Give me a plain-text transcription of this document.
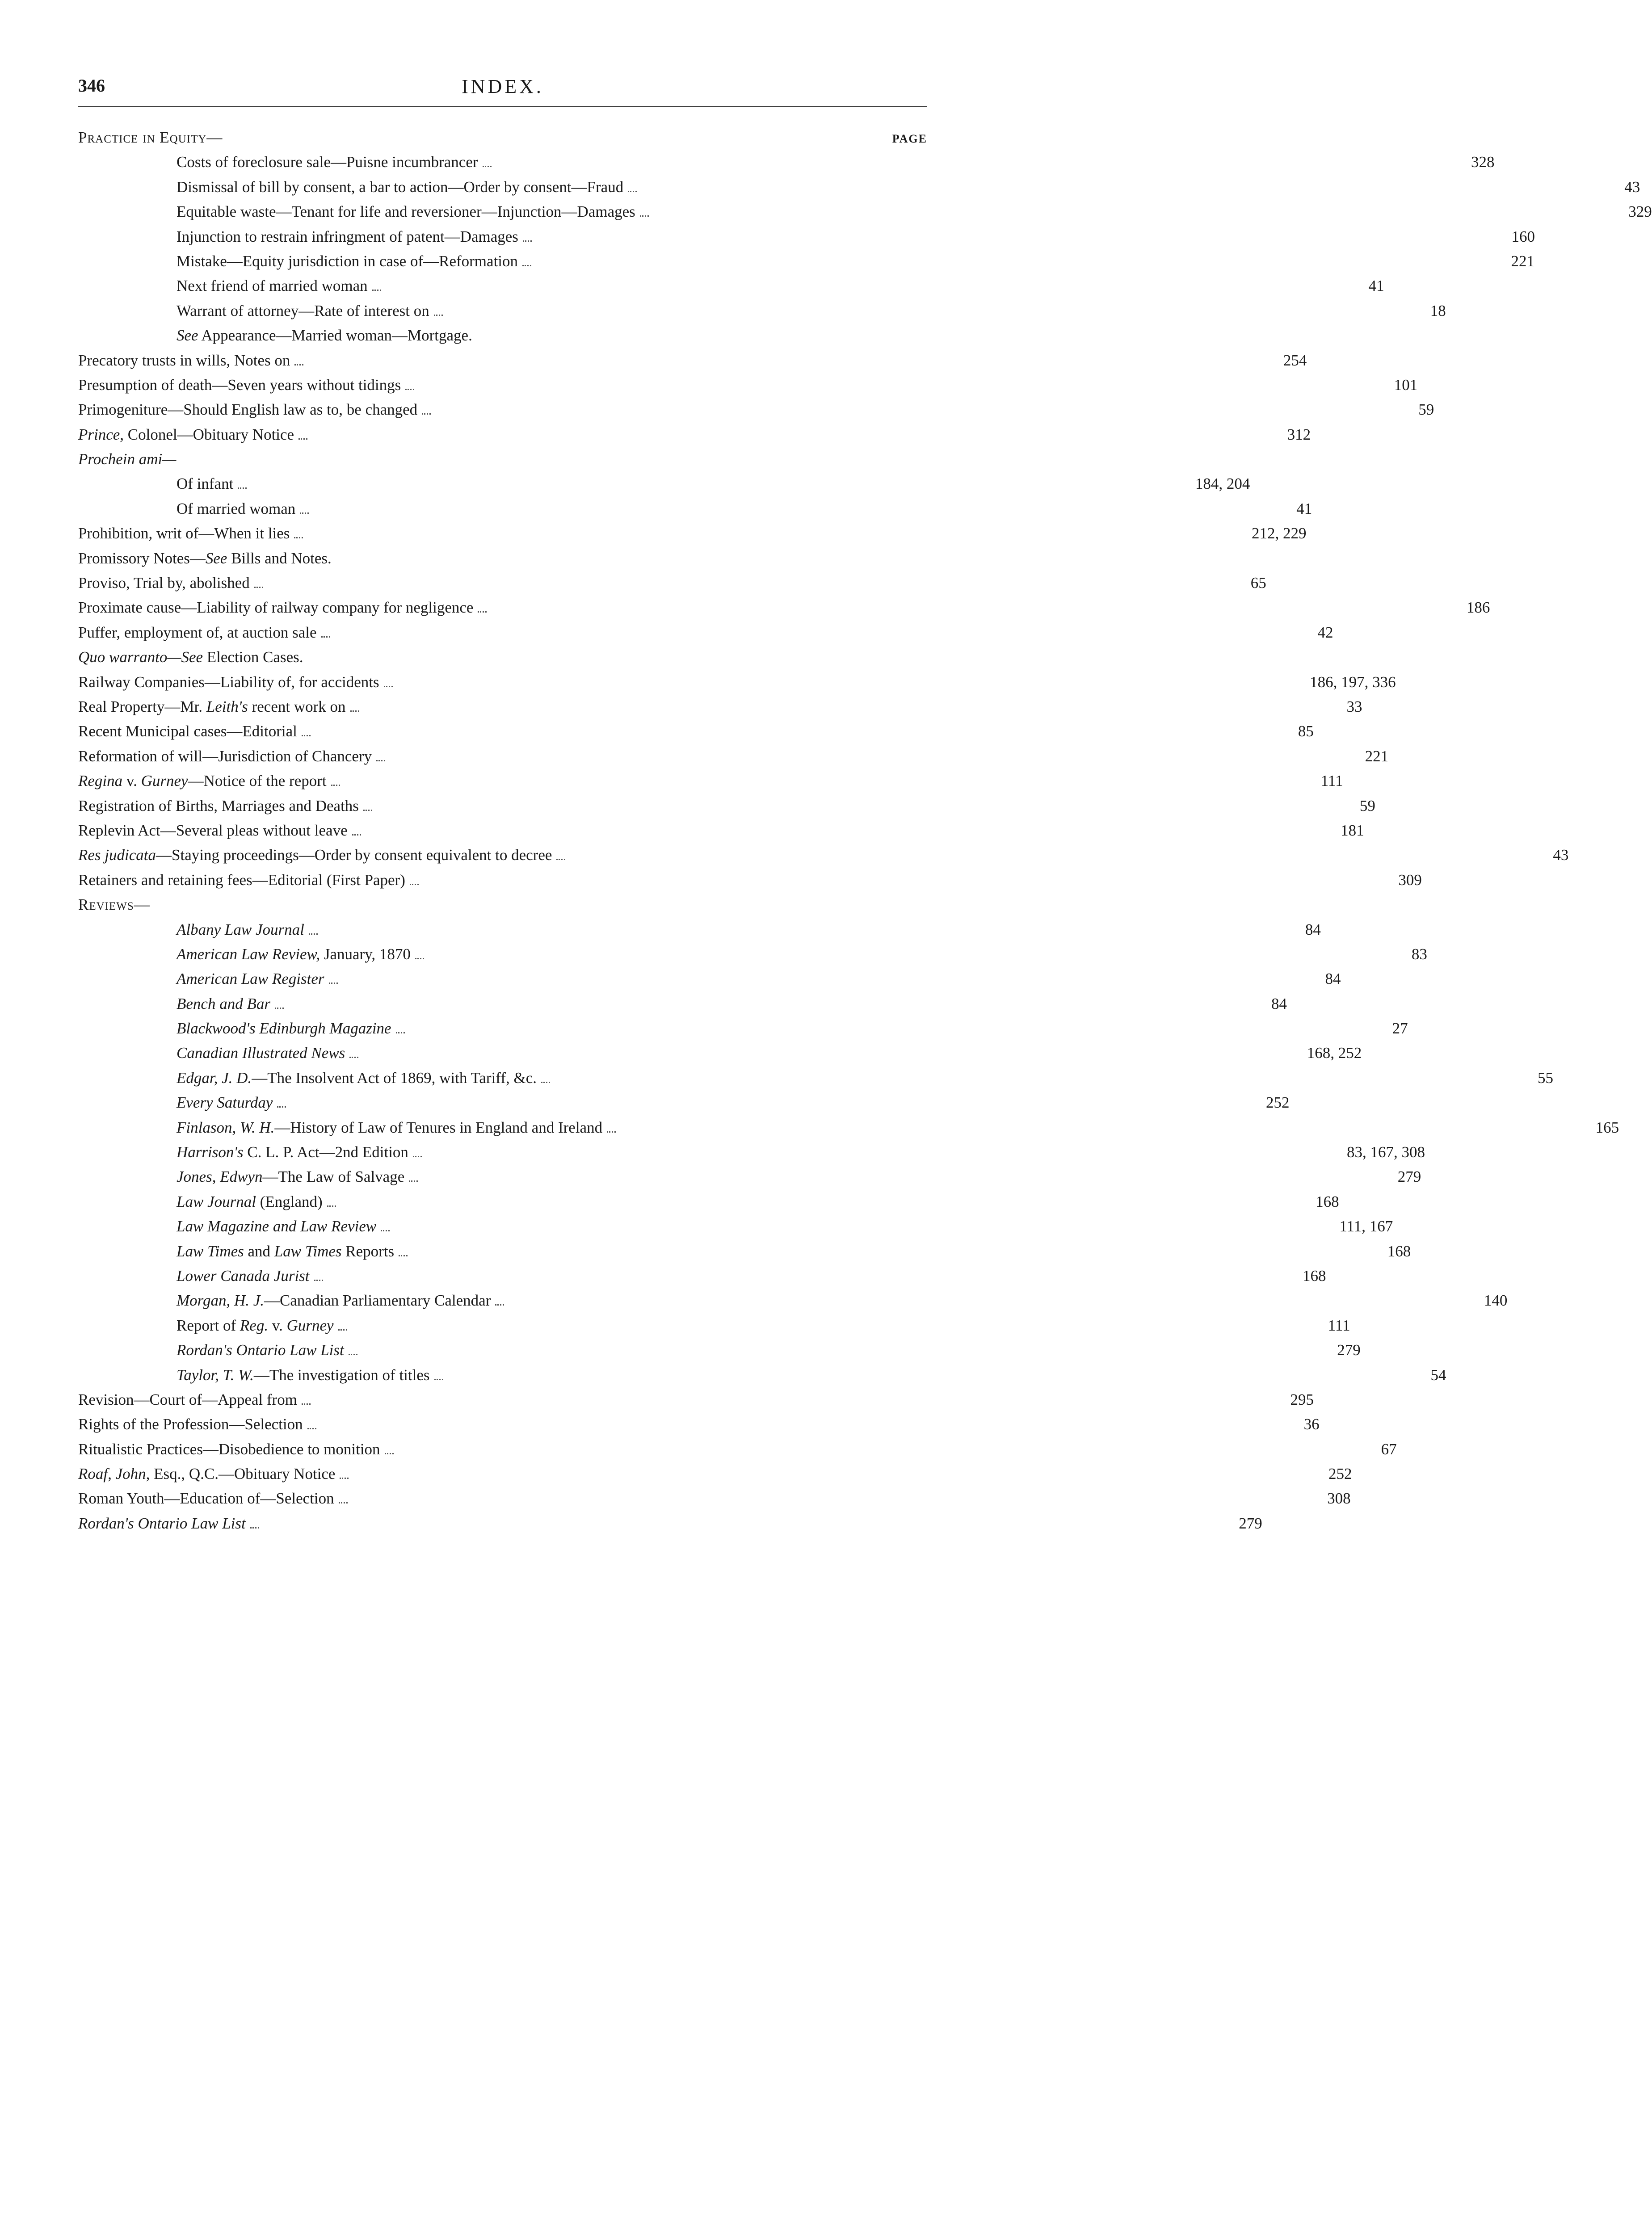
346	INDEX.
Practice in Equity—	PAGE
Costs of foreclosure sale—Puisne incumbrancer	328
Dismissal of bill by consent, a bar to action—Order by consent—Fraud	43
Equitable waste—Tenant for life and reversioner—Injunction—Damages	329
Injunction to restrain infringment of patent—Damages	160
Mistake—Equity jurisdiction in case of—Reformation	221
Next friend of married woman	41
Warrant of attorney—Rate of interest on	18
See Appearance—Married woman—Mortgage.
Precatory trusts in wills, Notes on	254
Presumption of death—Seven years without tidings	101
Primogeniture—Should English law as to, be changed	59
Prince, Colonel—Obituary Notice	312
Prochein ami—
Of infant	184, 204
Of married woman	41
Prohibition, writ of—When it lies	212, 229
Promissory Notes—See Bills and Notes.
Proviso, Trial by, abolished	65
Proximate cause—Liability of railway company for negligence	186
Puffer, employment of, at auction sale	42
Quo warranto—See Election Cases.
Railway Companies—Liability of, for accidents	186, 197, 336
Real Property—Mr. Leith's recent work on	33
Recent Municipal cases—Editorial	85
Reformation of will—Jurisdiction of Chancery	221
Regina v. Gurney—Notice of the report	111
Registration of Births, Marriages and Deaths	59
Replevin Act—Several pleas without leave	181
Res judicata—Staying proceedings—Order by consent equivalent to decree	43
Retainers and retaining fees—Editorial (First Paper)	309
Reviews—
Albany Law Journal	84
American Law Review, January, 1870	83
American Law Register	84
Bench and Bar	84
Blackwood's Edinburgh Magazine	27
Canadian Illustrated News	168, 252
Edgar, J. D.—The Insolvent Act of 1869, with Tariff, &c.	55
Every Saturday	252
Finlason, W. H.—History of Law of Tenures in England and Ireland	165
Harrison's C. L. P. Act—2nd Edition	83, 167, 308
Jones, Edwyn—The Law of Salvage	279
Law Journal (England)	168
Law Magazine and Law Review	111, 167
Law Times and Law Times Reports	168
Lower Canada Jurist	168
Morgan, H. J.—Canadian Parliamentary Calendar	140
Report of Reg. v. Gurney	111
Rordan's Ontario Law List	279
Taylor, T. W.—The investigation of titles	54
Revision—Court of—Appeal from	295
Rights of the Profession—Selection	36
Ritualistic Practices—Disobedience to monition	67
Roaf, John, Esq., Q.C.—Obituary Notice	252
Roman Youth—Education of—Selection	308
Rordan's Ontario Law List	279
